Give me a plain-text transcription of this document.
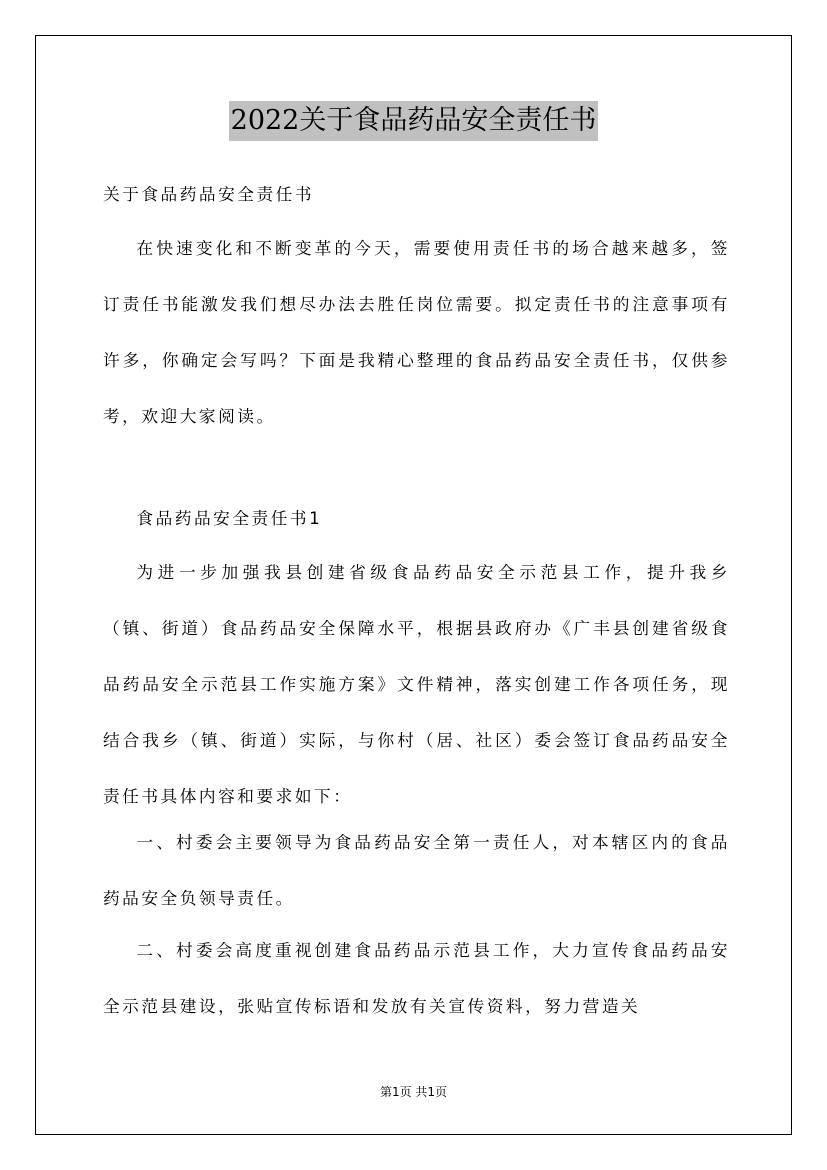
2022关于食品药品安全责任书

关于食品药品安全责任书

在快速变化和不断变革的今天，需要使用责任书的场合越来越多，签订责任书能激发我们想尽办法去胜任岗位需要。拟定责任书的注意事项有许多，你确定会写吗？下面是我精心整理的食品药品安全责任书，仅供参考，欢迎大家阅读。

食品药品安全责任书1

为进一步加强我县创建省级食品药品安全示范县工作，提升我乡（镇、街道）食品药品安全保障水平，根据县政府办《广丰县创建省级食品药品安全示范县工作实施方案》文件精神，落实创建工作各项任务，现结合我乡（镇、街道）实际，与你村（居、社区）委会签订食品药品安全责任书具体内容和要求如下：

一、村委会主要领导为食品药品安全第一责任人，对本辖区内的食品药品安全负领导责任。

二、村委会高度重视创建食品药品示范县工作，大力宣传食品药品安全示范县建设，张贴宣传标语和发放有关宣传资料，努力营造关

第1页 共1页
